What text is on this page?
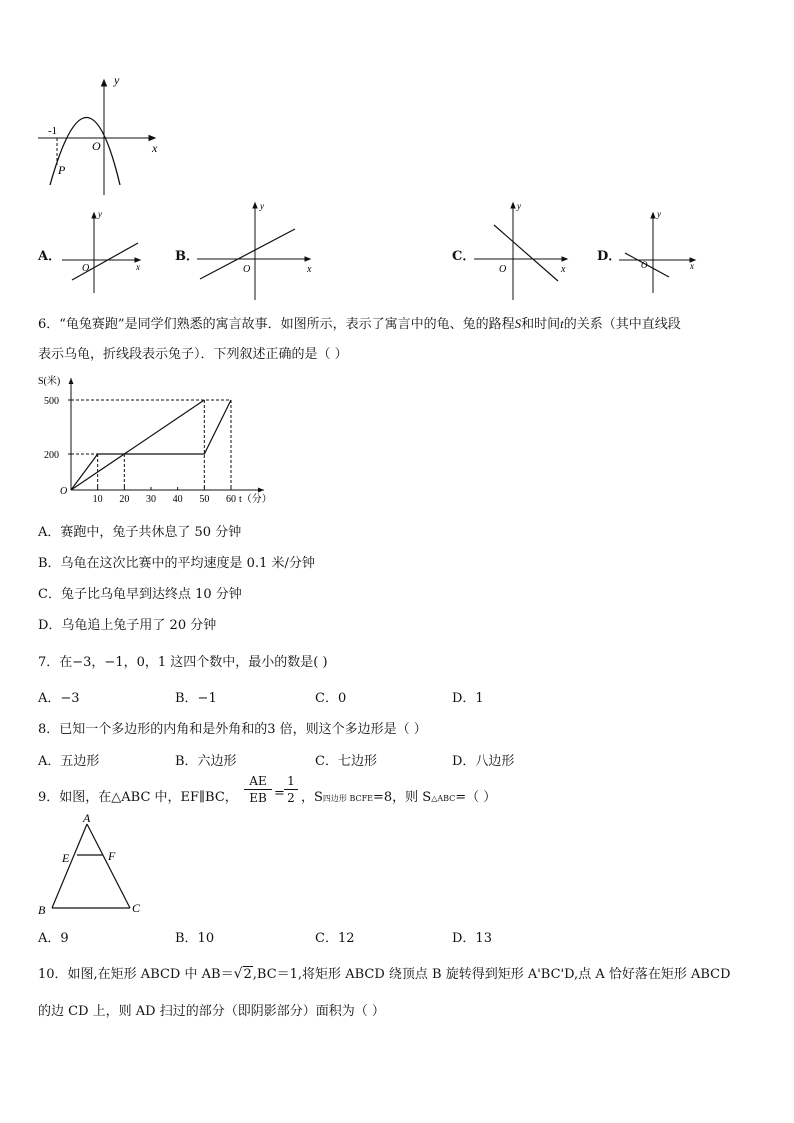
y
x
O
-1
P
A．
y
x
O
B．
y
x
O
C．
y
x
O
D．
y
x
O
6．“龟兔赛跑”是同学们熟悉的寓言故事．如图所示，表示了寓言中的龟、兔的路程S和时间t的关系（其中直线段
表示乌龟，折线段表示兔子）．下列叙述正确的是（ ）
S(米)
t（分）
O
10 20 30 40 50 60
200
500
A．赛跑中，兔子共休息了 50 分钟
B．乌龟在这次比赛中的平均速度是 0.1 米/分钟
C．兔子比乌龟早到达终点 10 分钟
D．乌龟追上兔子用了 20 分钟
7．在−3，−1，0，1 这四个数中，最小的数是( )
A．−3	B．−1	C．0	D．1
8．已知一个多边形的内角和是外角和的3 倍，则这个多边形是（ ）
A．五边形	B．六边形	C．七边形	D．八边形
9．如图，在△ABC 中，EF∥BC， $\frac{AE}{EB} = \frac{1}{2}$ ，S四边形 BCFE=8，则 S△ABC=（ ）
A
B	C
E	F
A．9	B．10	C．12	D．13
10．如图,在矩形 ABCD 中 AB＝√2,BC＝1,将矩形 ABCD 绕顶点 B 旋转得到矩形 A'BC'D,点 A 恰好落在矩形 ABCD
的边 CD 上，则 AD 扫过的部分（即阴影部分）面积为（ ）
